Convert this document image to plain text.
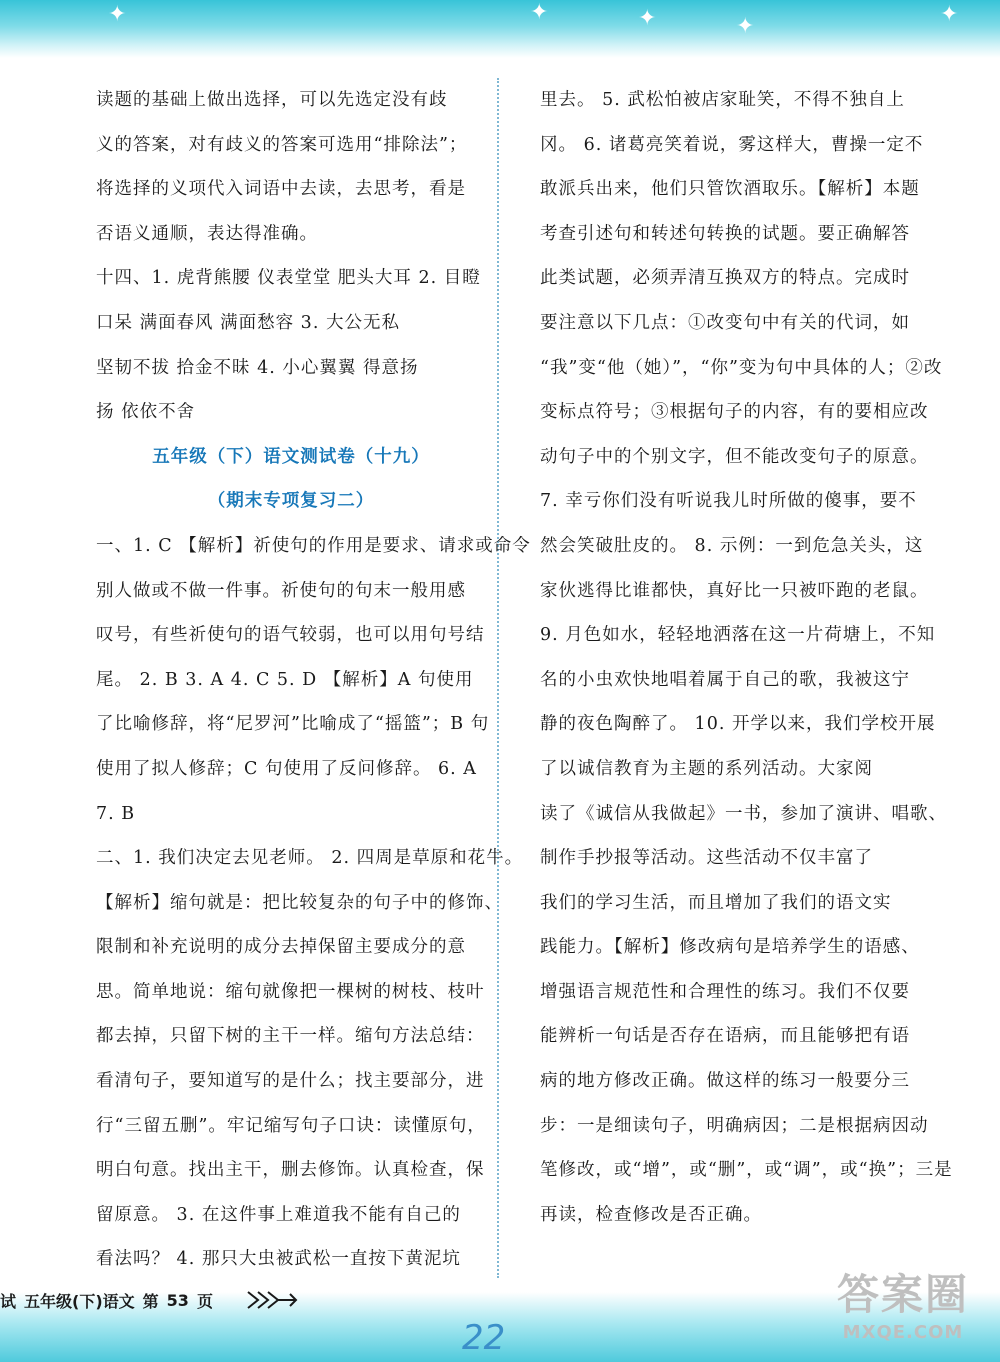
✦	✦	✦	✦	✦
读题的基础上做出选择，可以先选定没有歧
义的答案，对有歧义的答案可选用“排除法”；
将选择的义项代入词语中去读，去思考，看是
否语义通顺，表达得准确。
十四、1. 虎背熊腰 仪表堂堂 肥头大耳 2. 目瞪
口呆 满面春风 满面愁容 3. 大公无私
坚韧不拔 拾金不昧 4. 小心翼翼 得意扬
扬 依依不舍
五年级（下）语文测试卷（十九）
（期末专项复习二）
一、1. C 【解析】祈使句的作用是要求、请求或命令
别人做或不做一件事。祈使句的句末一般用感
叹号，有些祈使句的语气较弱，也可以用句号结
尾。 2. B 3. A 4. C 5. D 【解析】A 句使用
了比喻修辞，将“尼罗河”比喻成了“摇篮”；B 句
使用了拟人修辞；C 句使用了反问修辞。 6. A
7. B
二、1. 我们决定去见老师。 2. 四周是草原和花牛。
【解析】缩句就是：把比较复杂的句子中的修饰、
限制和补充说明的成分去掉保留主要成分的意
思。简单地说：缩句就像把一棵树的树枝、枝叶
都去掉，只留下树的主干一样。缩句方法总结：
看清句子，要知道写的是什么；找主要部分，进
行“三留五删”。牢记缩写句子口诀：读懂原句，
明白句意。找出主干，删去修饰。认真检查，保
留原意。 3. 在这件事上难道我不能有自己的
看法吗？ 4. 那只大虫被武松一直按下黄泥坑
里去。 5. 武松怕被店家耻笑，不得不独自上
冈。 6. 诸葛亮笑着说，雾这样大，曹操一定不
敢派兵出来，他们只管饮酒取乐。【解析】本题
考查引述句和转述句转换的试题。要正确解答
此类试题，必须弄清互换双方的特点。完成时
要注意以下几点：①改变句中有关的代词，如
“我”变“他（她）”，“你”变为句中具体的人；②改
变标点符号；③根据句子的内容，有的要相应改
动句子中的个别文字，但不能改变句子的原意。
7. 幸亏你们没有听说我儿时所做的傻事，要不
然会笑破肚皮的。 8. 示例：一到危急关头，这
家伙逃得比谁都快，真好比一只被吓跑的老鼠。
9. 月色如水，轻轻地洒落在这一片荷塘上，不知
名的小虫欢快地唱着属于自己的歌，我被这宁
静的夜色陶醉了。 10. 开学以来，我们学校开展
了以诚信教育为主题的系列活动。大家阅
读了《诚信从我做起》一书，参加了演讲、唱歌、
制作手抄报等活动。这些活动不仅丰富了
我们的学习生活，而且增加了我们的语文实
践能力。【解析】修改病句是培养学生的语感、
增强语言规范性和合理性的练习。我们不仅要
能辨析一句话是否存在语病，而且能够把有语
病的地方修改正确。做这样的练习一般要分三
步：一是细读句子，明确病因；二是根据病因动
笔修改，或“增”，或“删”，或“调”，或“换”；三是
再读，检查修改是否正确。
试 五年级(下)语文 第 53 页
22
答案圈
MXQE.COM
